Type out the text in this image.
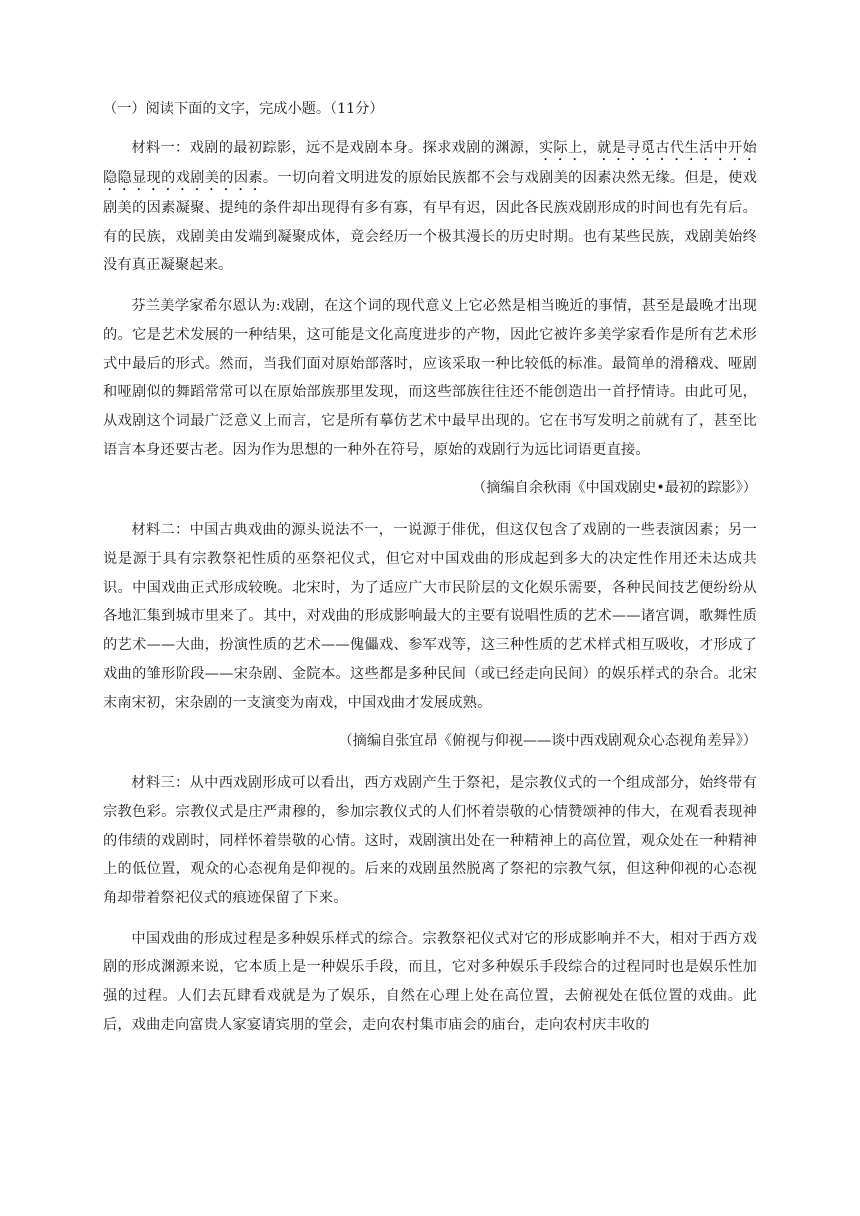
（一）阅读下面的文字，完成小题。（11分）

材料一：戏剧的最初踪影，远不是戏剧本身。探求戏剧的渊源，实际上，就是寻觅古代生活中开始隐隐显现的戏剧美的因素。一切向着文明进发的原始民族都不会与戏剧美的因素决然无缘。但是，使戏剧美的因素凝聚、提纯的条件却出现得有多有寡，有早有迟，因此各民族戏剧形成的时间也有先有后。有的民族，戏剧美由发端到凝聚成体，竟会经历一个极其漫长的历史时期。也有某些民族，戏剧美始终没有真正凝聚起来。

芬兰美学家希尔恩认为:戏剧，在这个词的现代意义上它必然是相当晚近的事情，甚至是最晚才出现的。它是艺术发展的一种结果，这可能是文化高度进步的产物，因此它被许多美学家看作是所有艺术形式中最后的形式。然而，当我们面对原始部落时，应该采取一种比较低的标准。最简单的滑稽戏、哑剧和哑剧似的舞蹈常常可以在原始部族那里发现，而这些部族往往还不能创造出一首抒情诗。由此可见，从戏剧这个词最广泛意义上而言，它是所有摹仿艺术中最早出现的。它在书写发明之前就有了，甚至比语言本身还要古老。因为作为思想的一种外在符号，原始的戏剧行为远比词语更直接。

（摘编自余秋雨《中国戏剧史•最初的踪影》）

材料二：中国古典戏曲的源头说法不一，一说源于俳优，但这仅包含了戏剧的一些表演因素；另一说是源于具有宗教祭祀性质的巫祭祀仪式，但它对中国戏曲的形成起到多大的决定性作用还未达成共识。中国戏曲正式形成较晚。北宋时，为了适应广大市民阶层的文化娱乐需要，各种民间技艺便纷纷从各地汇集到城市里来了。其中，对戏曲的形成影响最大的主要有说唱性质的艺术——诸宫调，歌舞性质的艺术——大曲，扮演性质的艺术——傀儡戏、参军戏等，这三种性质的艺术样式相互吸收，才形成了戏曲的雏形阶段——宋杂剧、金院本。这些都是多种民间（或已经走向民间）的娱乐样式的杂合。北宋末南宋初，宋杂剧的一支演变为南戏，中国戏曲才发展成熟。

（摘编自张宜昂《俯视与仰视——谈中西戏剧观众心态视角差异》）

材料三：从中西戏剧形成可以看出，西方戏剧产生于祭祀，是宗教仪式的一个组成部分，始终带有宗教色彩。宗教仪式是庄严肃穆的，参加宗教仪式的人们怀着崇敬的心情赞颂神的伟大，在观看表现神的伟绩的戏剧时，同样怀着崇敬的心情。这时，戏剧演出处在一种精神上的高位置，观众处在一种精神上的低位置，观众的心态视角是仰视的。后来的戏剧虽然脱离了祭祀的宗教气氛，但这种仰视的心态视角却带着祭祀仪式的痕迹保留了下来。

中国戏曲的形成过程是多种娱乐样式的综合。宗教祭祀仪式对它的形成影响并不大，相对于西方戏剧的形成渊源来说，它本质上是一种娱乐手段，而且，它对多种娱乐手段综合的过程同时也是娱乐性加强的过程。人们去瓦肆看戏就是为了娱乐，自然在心理上处在高位置，去俯视处在低位置的戏曲。此后，戏曲走向富贵人家宴请宾朋的堂会，走向农村集市庙会的庙台，走向农村庆丰收的
